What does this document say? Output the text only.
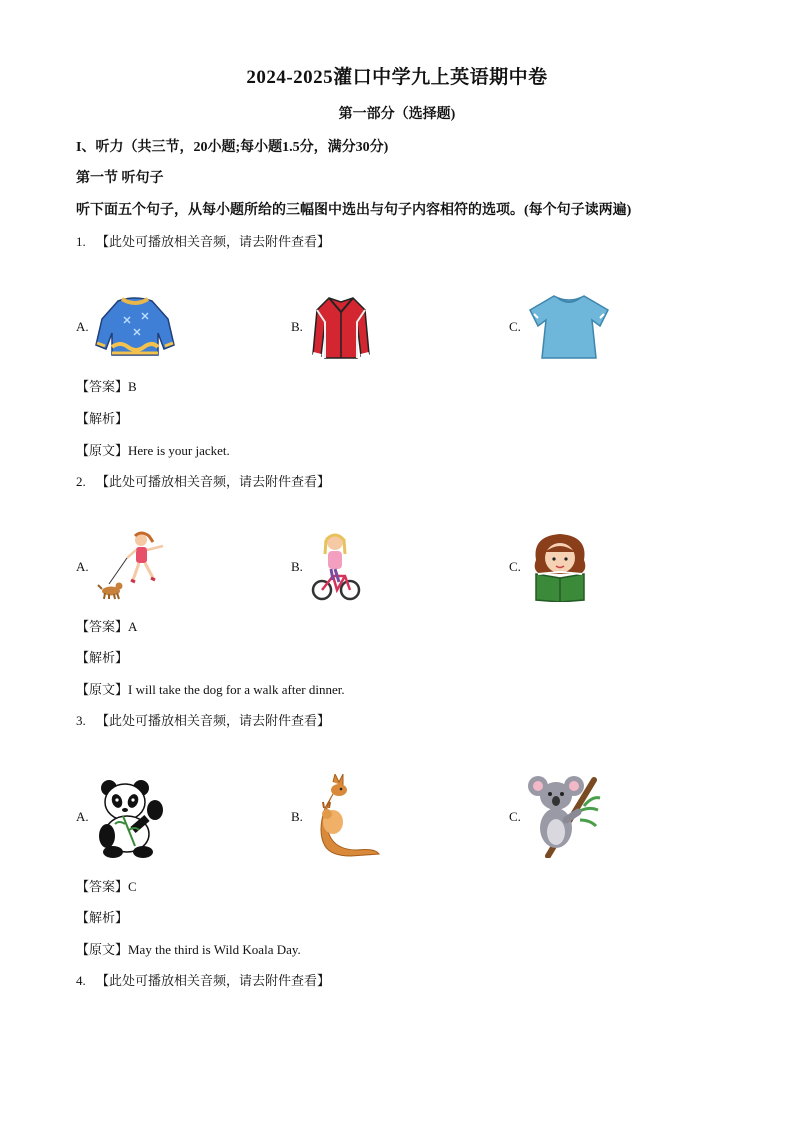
2024-2025灌口中学九上英语期中卷
第一部分（选择题)
I、听力（共三节，20小题;每小题1.5分，满分30分)
第一节 听句子
听下面五个句子，从每小题所给的三幅图中选出与句子内容相符的选项。(每个句子读两遍)
1. 【此处可播放相关音频，请去附件查看】
A.	B.	C.
【答案】B
【解析】
【原文】Here is your jacket.
2. 【此处可播放相关音频，请去附件查看】
A.	B.	C.
【答案】A
【解析】
【原文】I will take the dog for a walk after dinner.
3. 【此处可播放相关音频，请去附件查看】
A.	B.	C.
【答案】C
【解析】
【原文】May the third is Wild Koala Day.
4. 【此处可播放相关音频，请去附件查看】
